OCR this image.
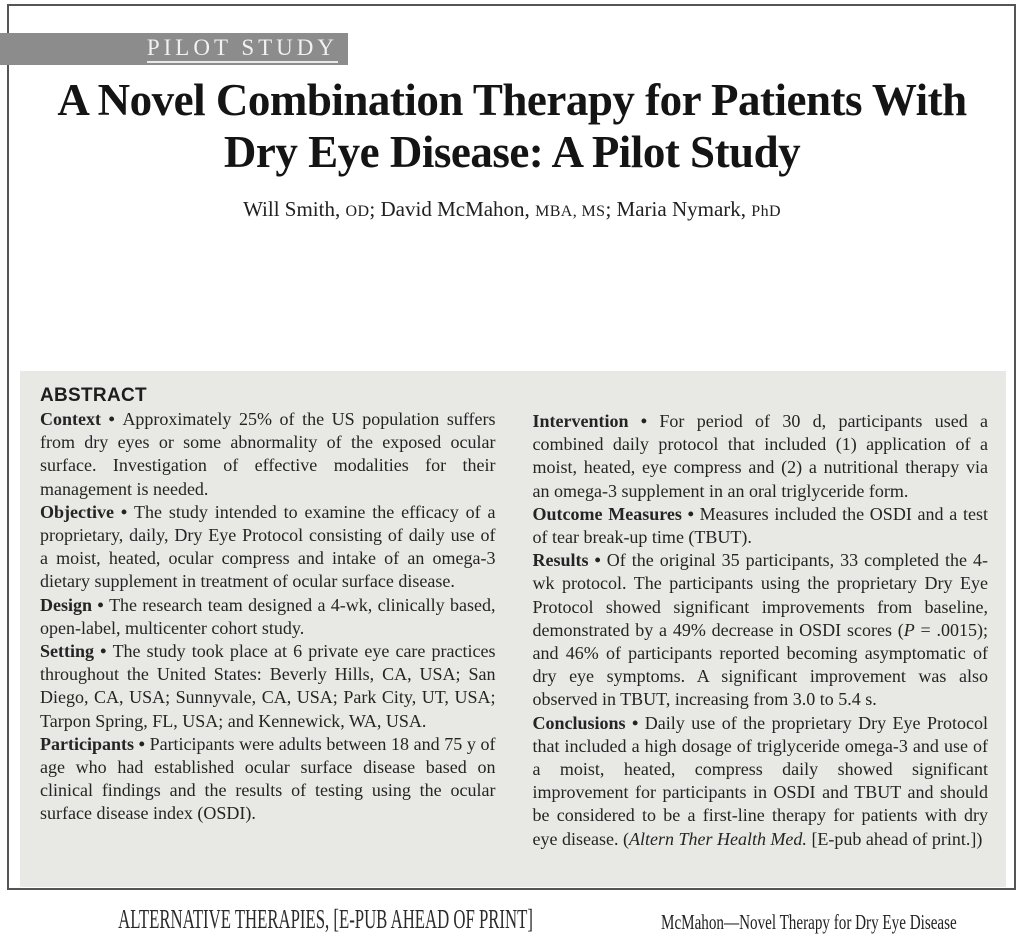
PILOT STUDY
A Novel Combination Therapy for Patients With
Dry Eye Disease: A Pilot Study
Will Smith, OD; David McMahon, MBA, MS; Maria Nymark, PhD
ABSTRACT

Context • Approximately 25% of the US population suffers from dry eyes or some abnormality of the exposed ocular surface. Investigation of effective modalities for their management is needed.

Objective • The study intended to examine the efficacy of a proprietary, daily, Dry Eye Protocol consisting of daily use of a moist, heated, ocular compress and intake of an omega-3 dietary supplement in treatment of ocular surface disease.

Design • The research team designed a 4-wk, clinically based, open-label, multicenter cohort study.

Setting • The study took place at 6 private eye care practices throughout the United States: Beverly Hills, CA, USA; San Diego, CA, USA; Sunnyvale, CA, USA; Park City, UT, USA; Tarpon Spring, FL, USA; and Kennewick, WA, USA.

Participants • Participants were adults between 18 and 75 y of age who had established ocular surface disease based on clinical findings and the results of testing using the ocular surface disease index (OSDI).

Intervention • For period of 30 d, participants used a combined daily protocol that included (1) application of a moist, heated, eye compress and (2) a nutritional therapy via an omega-3 supplement in an oral triglyceride form.

Outcome Measures • Measures included the OSDI and a test of tear break-up time (TBUT).

Results • Of the original 35 participants, 33 completed the 4-wk protocol. The participants using the proprietary Dry Eye Protocol showed significant improvements from baseline, demonstrated by a 49% decrease in OSDI scores (P = .0015); and 46% of participants reported becoming asymptomatic of dry eye symptoms. A significant improvement was also observed in TBUT, increasing from 3.0 to 5.4 s.

Conclusions • Daily use of the proprietary Dry Eye Protocol that included a high dosage of triglyceride omega-3 and use of a moist, heated, compress daily showed significant improvement for participants in OSDI and TBUT and should be considered to be a first-line therapy for patients with dry eye disease. (Altern Ther Health Med. [E-pub ahead of print.])

ALTERNATIVE THERAPIES, [E-PUB AHEAD OF PRINT]	McMahon—Novel Therapy for Dry Eye Disease
